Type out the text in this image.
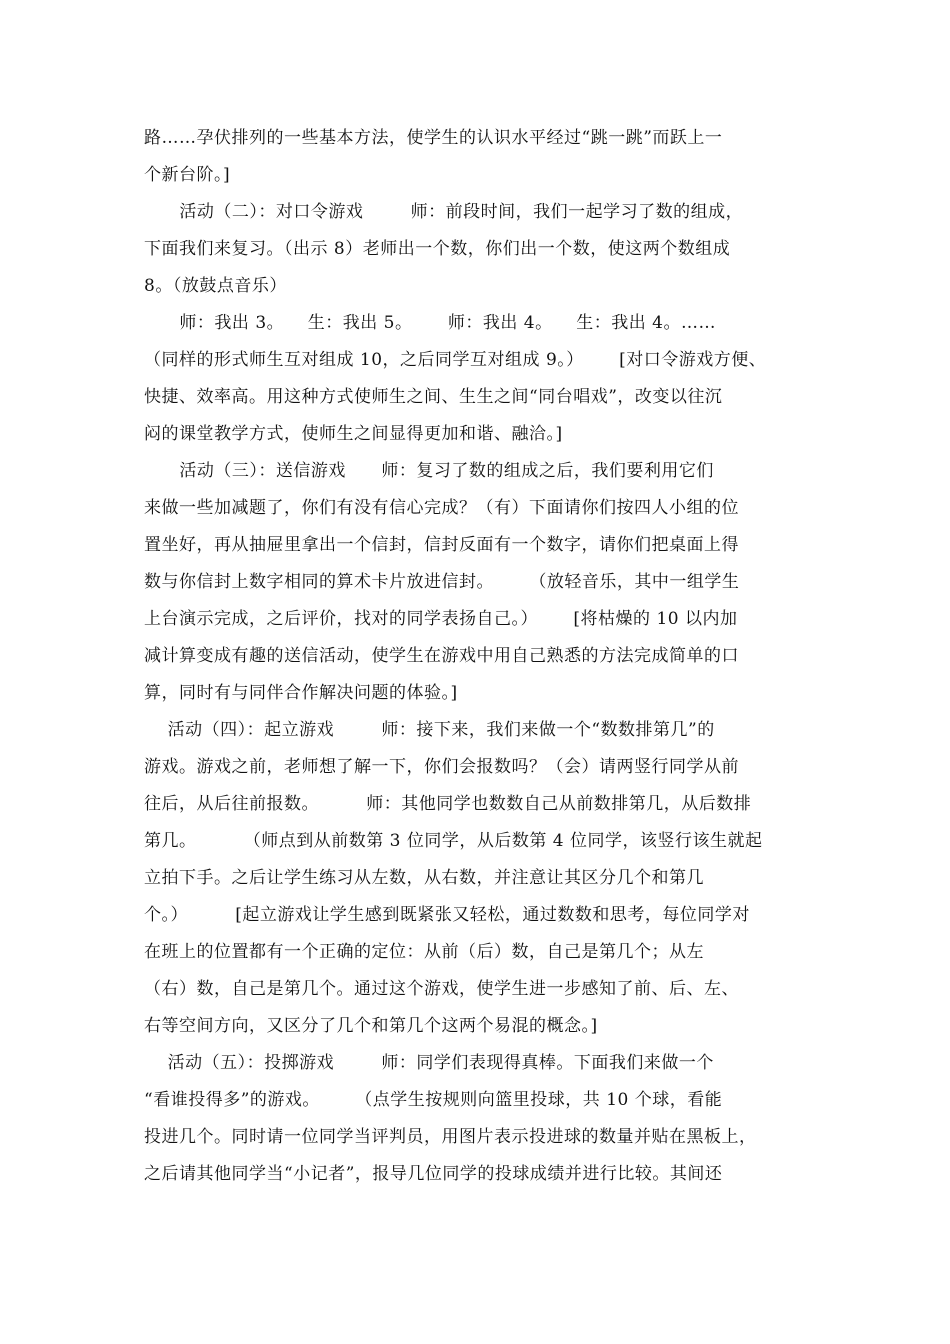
路……孕伏排列的一些基本方法，使学生的认识水平经过“跳一跳”而跃上一
个新台阶。]
活动（二）：对口令游戏        师：前段时间，我们一起学习了数的组成，
下面我们来复习。（出示 8）老师出一个数，你们出一个数，使这两个数组成
8。（放鼓点音乐）
师：我出 3。    生：我出 5。      师：我出 4。    生：我出 4。……
（同样的形式师生互对组成 10，之后同学互对组成 9。）      [对口令游戏方便、
快捷、效率高。用这种方式使师生之间、生生之间“同台唱戏”，改变以往沉
闷的课堂教学方式，使师生之间显得更加和谐、融洽。]
活动（三）：送信游戏      师：复习了数的组成之后，我们要利用它们
来做一些加减题了，你们有没有信心完成？（有）下面请你们按四人小组的位
置坐好，再从抽屉里拿出一个信封，信封反面有一个数字，请你们把桌面上得
数与你信封上数字相同的算术卡片放进信封。      （放轻音乐，其中一组学生
上台演示完成，之后评价，找对的同学表扬自己。）      [将枯燥的 10 以内加
减计算变成有趣的送信活动，使学生在游戏中用自己熟悉的方法完成简单的口
算，同时有与同伴合作解决问题的体验。]
活动（四）：起立游戏        师：接下来，我们来做一个“数数排第几”的
游戏。游戏之前，老师想了解一下，你们会报数吗？（会）请两竖行同学从前
往后，从后往前报数。        师：其他同学也数数自己从前数排第几，从后数排
第几。        （师点到从前数第 3 位同学，从后数第 4 位同学，该竖行该生就起
立拍下手。之后让学生练习从左数，从右数，并注意让其区分几个和第几
个。）        [起立游戏让学生感到既紧张又轻松，通过数数和思考，每位同学对
在班上的位置都有一个正确的定位：从前（后）数，自己是第几个；从左
（右）数，自己是第几个。通过这个游戏，使学生进一步感知了前、后、左、
右等空间方向，又区分了几个和第几个这两个易混的概念。]
活动（五）：投掷游戏        师：同学们表现得真棒。下面我们来做一个
“看谁投得多”的游戏。      （点学生按规则向篮里投球，共 10 个球，看能
投进几个。同时请一位同学当评判员，用图片表示投进球的数量并贴在黑板上，
之后请其他同学当“小记者”，报导几位同学的投球成绩并进行比较。其间还
